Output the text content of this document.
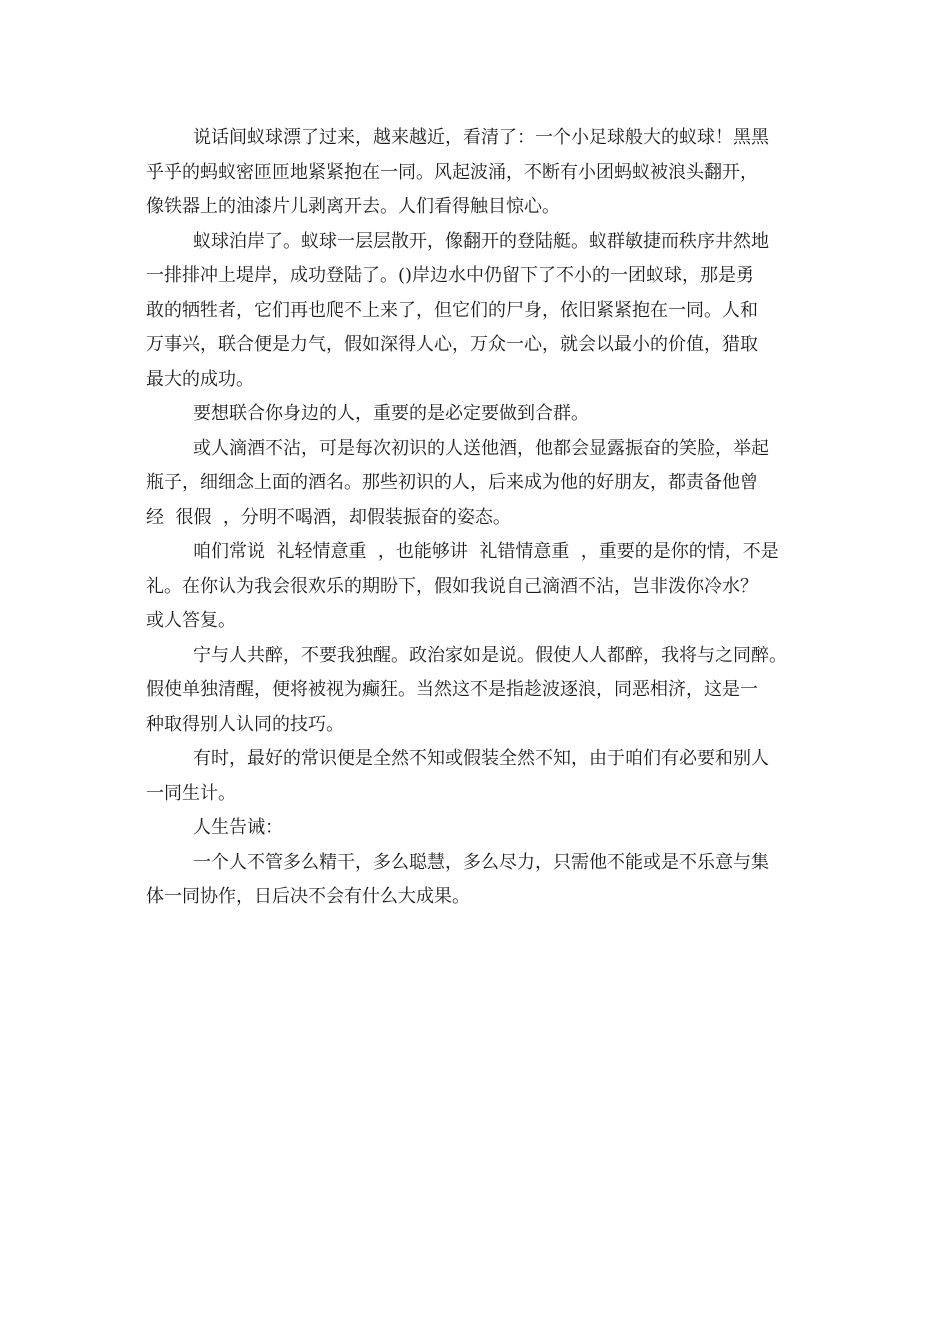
说话间蚁球漂了过来，越来越近，看清了：一个小足球般大的蚁球！黑黑
乎乎的蚂蚁密匝匝地紧紧抱在一同。风起波涌，不断有小团蚂蚁被浪头翻开，
像铁器上的油漆片儿剥离开去。人们看得触目惊心。
蚁球泊岸了。蚁球一层层散开，像翻开的登陆艇。蚁群敏捷而秩序井然地
一排排冲上堤岸，成功登陆了。()岸边水中仍留下了不小的一团蚁球，那是勇
敢的牺牲者，它们再也爬不上来了，但它们的尸身，依旧紧紧抱在一同。人和
万事兴，联合便是力气，假如深得人心，万众一心，就会以最小的价值，猎取
最大的成功。
要想联合你身边的人，重要的是必定要做到合群。
或人滴酒不沾，可是每次初识的人送他酒，他都会显露振奋的笑脸，举起
瓶子，细细念上面的酒名。那些初识的人，后来成为他的好朋友，都责备他曾
经  很假  ，分明不喝酒，却假装振奋的姿态。
咱们常说  礼轻情意重  ，也能够讲  礼错情意重  ，重要的是你的情，不是
礼。在你认为我会很欢乐的期盼下，假如我说自己滴酒不沾，岂非泼你冷水？
或人答复。
宁与人共醉，不要我独醒。政治家如是说。假使人人都醉，我将与之同醉。
假使单独清醒，便将被视为癫狂。当然这不是指趁波逐浪，同恶相济，这是一
种取得别人认同的技巧。
有时，最好的常识便是全然不知或假装全然不知，由于咱们有必要和别人
一同生计。
人生告诫：
一个人不管多么精干，多么聪慧，多么尽力，只需他不能或是不乐意与集
体一同协作，日后决不会有什么大成果。
